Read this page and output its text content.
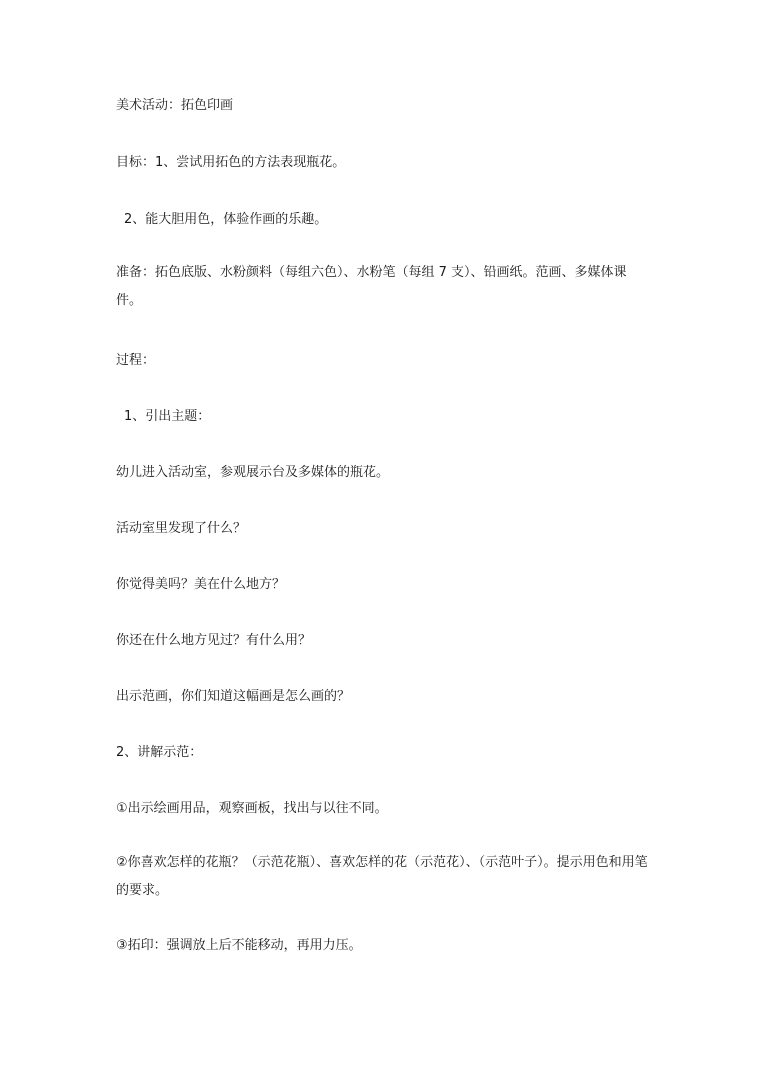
美术活动：拓色印画
目标：1、尝试用拓色的方法表现瓶花。
2、能大胆用色，体验作画的乐趣。
准备：拓色底版、水粉颜料（每组六色）、水粉笔（每组 7 支）、铅画纸。范画、多媒体课件。
过程：
1、引出主题：
幼儿进入活动室，参观展示台及多媒体的瓶花。
活动室里发现了什么？
你觉得美吗？美在什么地方？
你还在什么地方见过？有什么用？
出示范画，你们知道这幅画是怎么画的？
2、讲解示范：
①出示绘画用品，观察画板，找出与以往不同。
②你喜欢怎样的花瓶？（示范花瓶）、喜欢怎样的花（示范花）、（示范叶子）。提示用色和用笔的要求。
③拓印：强调放上后不能移动，再用力压。
